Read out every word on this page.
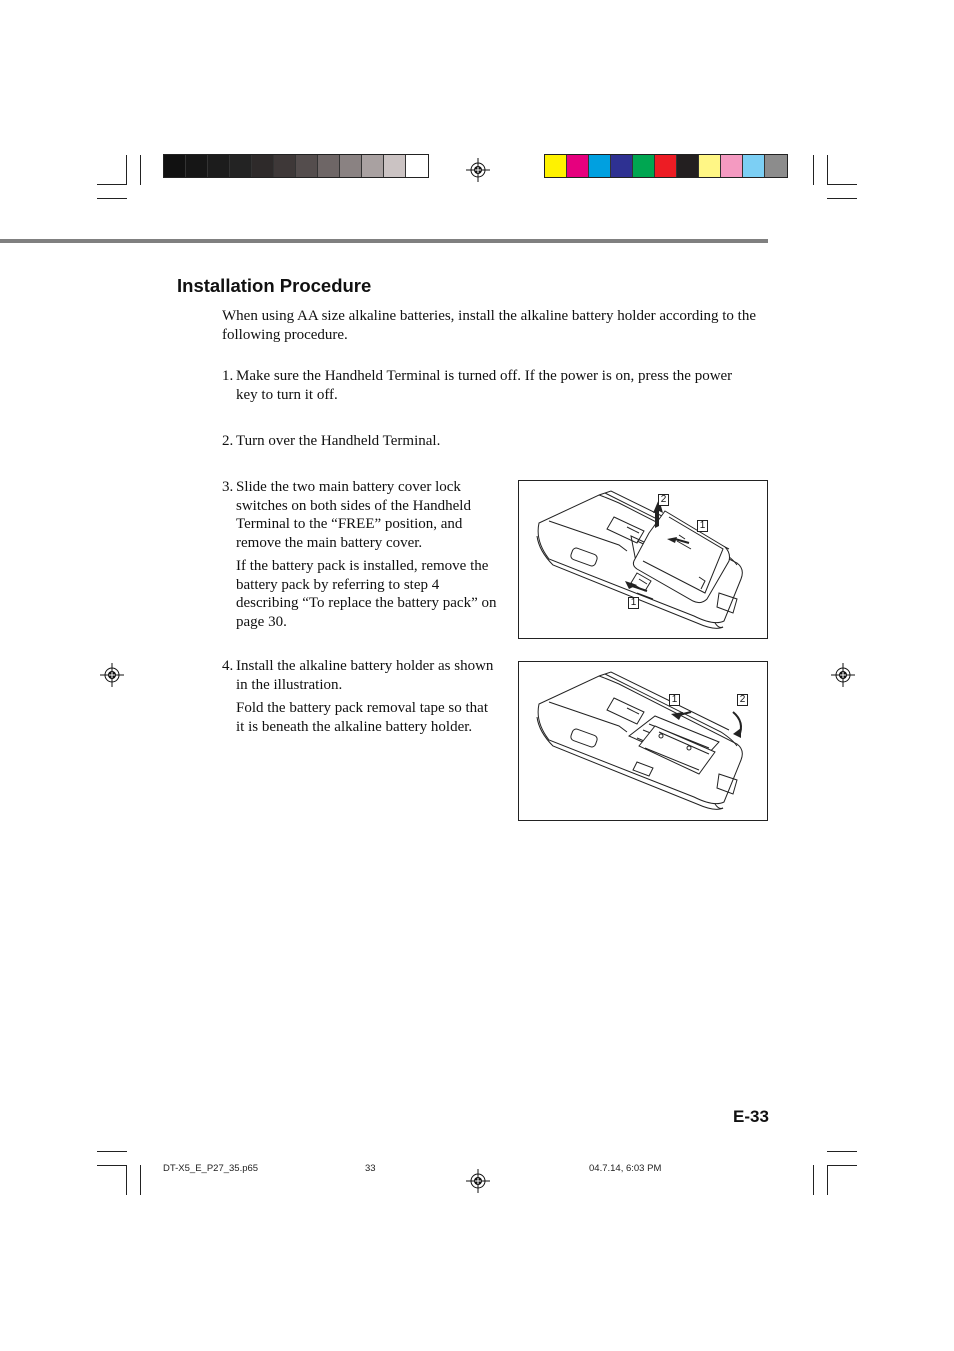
Installation Procedure

When using AA size alkaline batteries, install the alkaline battery holder according to the following procedure.

1. Make sure the Handheld Terminal is turned off. If the power is on, press the power key to turn it off.

2. Turn over the Handheld Terminal.

3. Slide the two main battery cover lock switches on both sides of the Handheld Terminal to the “FREE” position, and remove the main battery cover.

If the battery pack is installed, remove the battery pack by referring to step 4 describing “To replace the battery pack” on page 30.

4. Install the alkaline battery holder as shown in the illustration.

Fold the battery pack removal tape so that it is beneath the alkaline battery holder.

2
1
1
1	2
E-33
DT-X5_E_P27_35.p65	33	04.7.14, 6:03 PM
